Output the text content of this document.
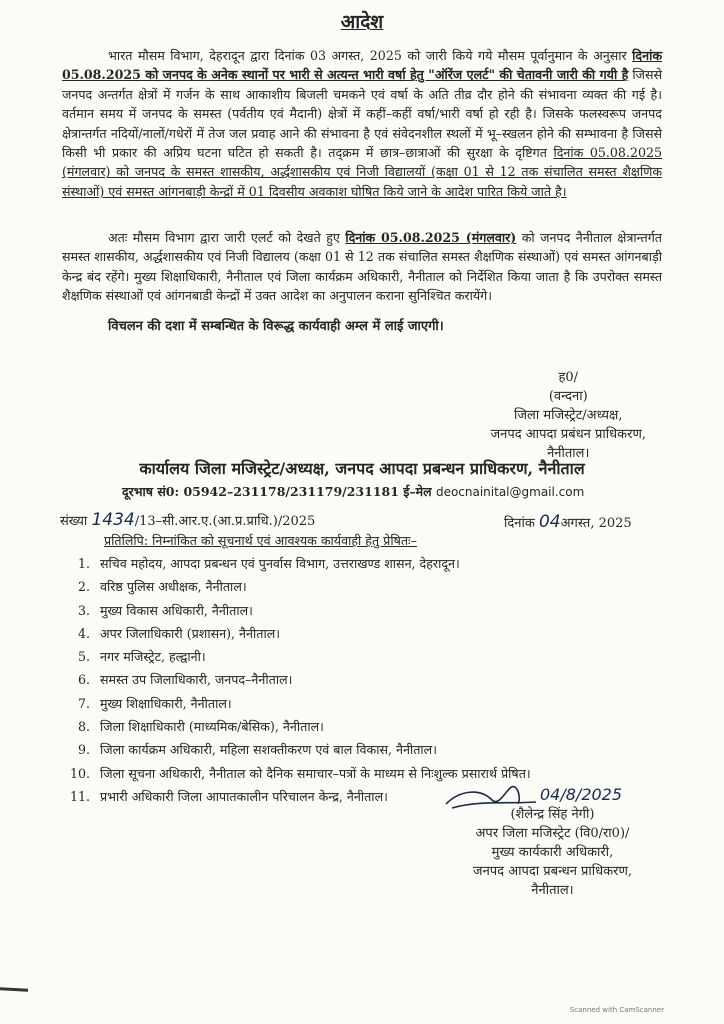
आदेश

भारत मौसम विभाग, देहरादून द्वारा दिनांक 03 अगस्त, 2025 को जारी किये गये मौसम पूर्वानुमान के अनुसार दिनांक 05.08.2025 को जनपद के अनेक स्थानों पर भारी से अत्यन्त भारी वर्षा हेतु "ऑरेंज एलर्ट" की चेतावनी जारी की गयी है जिससे जनपद अन्तर्गत क्षेत्रों में गर्जन के साथ आकाशीय बिजली चमकने एवं वर्षा के अति तीव्र दौर होने की संभावना व्यक्त की गई है। वर्तमान समय में जनपद के समस्त (पर्वतीय एवं मैदानी) क्षेत्रों में कहीं–कहीं वर्षा/भारी वर्षा हो रही है। जिसके फलस्वरूप जनपद क्षेत्रान्तर्गत नदियों/नालों/गधेरों में तेज जल प्रवाह आने की संभावना है एवं संवेदनशील स्थलों में भू–स्खलन होने की सम्भावना है जिससे किसी भी प्रकार की अप्रिय घटना घटित हो सकती है। तद्क्रम में छात्र–छात्राओं की सुरक्षा के दृष्टिगत दिनांक 05.08.2025 (मंगलवार) को जनपद के समस्त शासकीय, अर्द्धशासकीय एवं निजी विद्यालयों (कक्षा 01 से 12 तक संचालित समस्त शैक्षणिक संस्थाओं) एवं समस्त आंगनबाड़ी केन्द्रों में 01 दिवसीय अवकाश घोषित किये जाने के आदेश पारित किये जाते है।

अतः मौसम विभाग द्वारा जारी एलर्ट को देखते हुए दिनांक 05.08.2025 (मंगलवार) को जनपद नैनीताल क्षेत्रान्तर्गत समस्त शासकीय, अर्द्धशासकीय एवं निजी विद्यालय (कक्षा 01 से 12 तक संचालित समस्त शैक्षणिक संस्थाओं) एवं समस्त आंगनबाड़ी केन्द्र बंद रहेंगे। मुख्य शिक्षाधिकारी, नैनीताल एवं जिला कार्यक्रम अधिकारी, नैनीताल को निर्देशित किया जाता है कि उपरोक्त समस्त शैक्षणिक संस्थाओं एवं आंगनबाडी केन्द्रों में उक्त आदेश का अनुपालन कराना सुनिश्चित करायेंगे।

विचलन की दशा में सम्बन्धित के विरूद्ध कार्यवाही अम्ल में लाई जाएगी।

ह0/
(वन्दना)
जिला मजिस्ट्रेट/अध्यक्ष,
जनपद आपदा प्रबंधन प्राधिकरण,
नैनीताल।
कार्यालय जिला मजिस्ट्रेट/अध्यक्ष, जनपद आपदा प्रबन्धन प्राधिकरण, नैनीताल
दूरभाष सं0: 05942–231178/231179/231181 ई–मेल deocnainital@gmail.com
संख्या 1434/13–सी.आर.ए.(आ.प्र.प्राधि.)/2025	दिनांक 04अगस्त, 2025
प्रतिलिपि: निम्नांकित को सूचनार्थ एवं आवश्यक कार्यवाही हेतु प्रेषितः–
1. सचिव महोदय, आपदा प्रबन्धन एवं पुनर्वास विभाग, उत्तराखण्ड शासन, देहरादून।
2. वरिष्ठ पुलिस अधीक्षक, नैनीताल।
3. मुख्य विकास अधिकारी, नैनीताल।
4. अपर जिलाधिकारी (प्रशासन), नैनीताल।
5. नगर मजिस्ट्रेट, हल्द्वानी।
6. समस्त उप जिलाधिकारी, जनपद–नैनीताल।
7. मुख्य शिक्षाधिकारी, नैनीताल।
8. जिला शिक्षाधिकारी (माध्यमिक/बेसिक), नैनीताल।
9. जिला कार्यक्रम अधिकारी, महिला सशक्तीकरण एवं बाल विकास, नैनीताल।
10. जिला सूचना अधिकारी, नैनीताल को दैनिक समाचार–पत्रों के माध्यम से निःशुल्क प्रसारार्थ प्रेषित।
11. प्रभारी अधिकारी जिला आपातकालीन परिचालन केन्द्र, नैनीताल।	04/8/2025
(शैलेन्द्र सिंह नेगी)
अपर जिला मजिस्ट्रेट (वि0/रा0)/
मुख्य कार्यकारी अधिकारी,
जनपद आपदा प्रबन्धन प्राधिकरण,
नैनीताल।
Scanned with CamScanner
